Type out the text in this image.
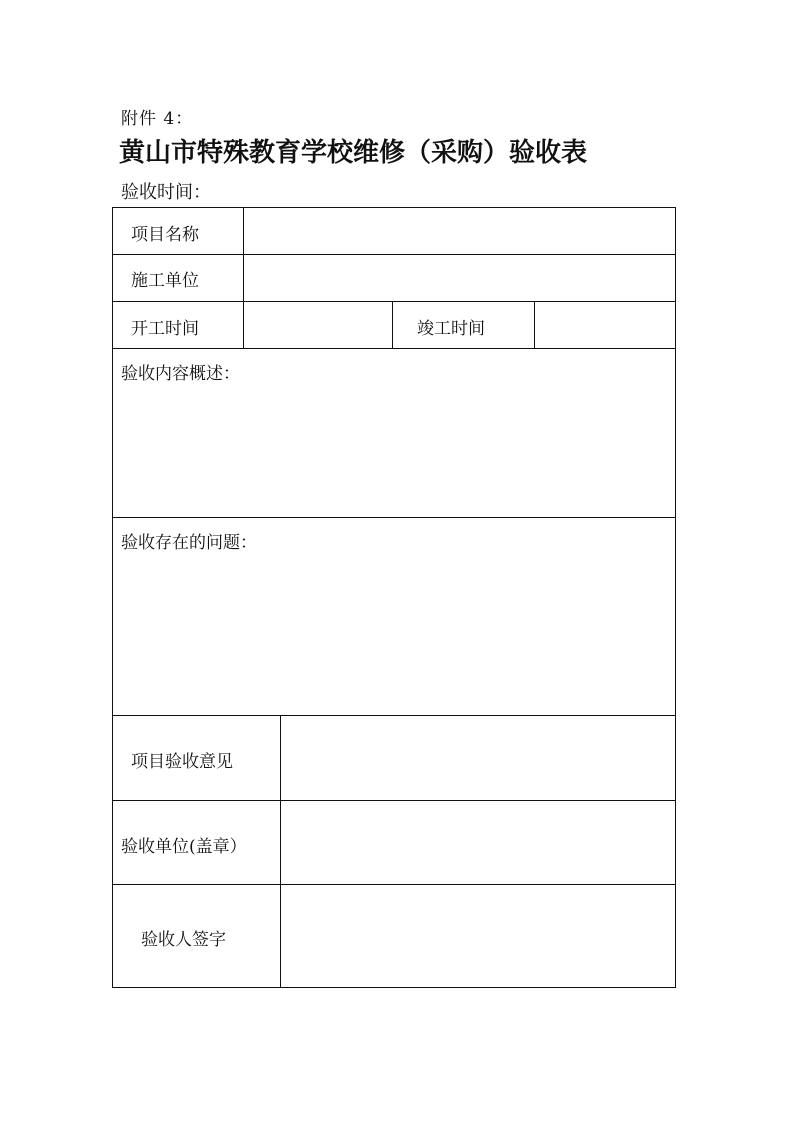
附件 4：
黄山市特殊教育学校维修（采购）验收表
验收时间：
项目名称
施工单位
开工时间	竣工时间
验收内容概述：
验收存在的问题：
项目验收意见
验收单位(盖章）
验收人签字
